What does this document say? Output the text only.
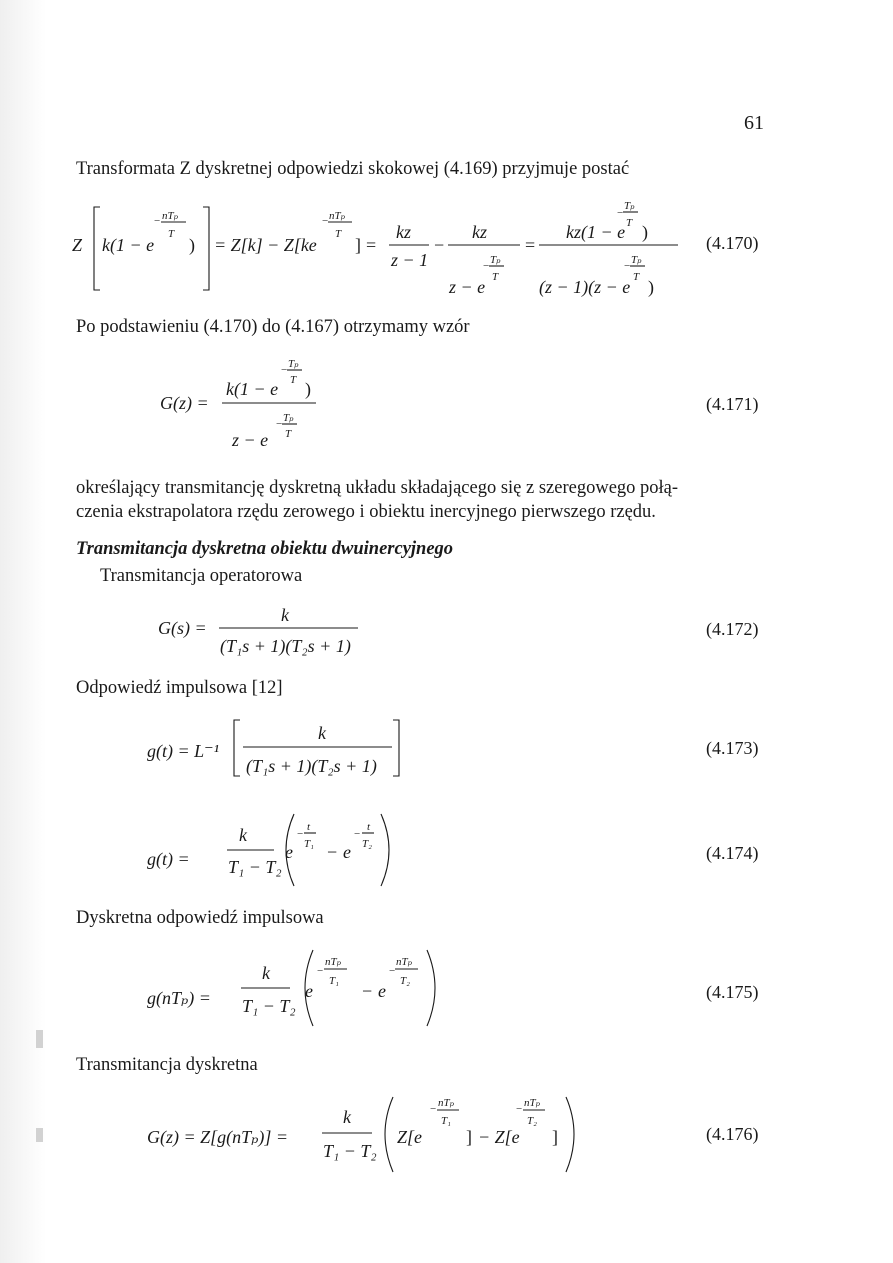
61
Transformata Z dyskretnej odpowiedzi skokowej (4.169) przyjmuje postać
Po podstawieniu (4.170) do (4.167) otrzymamy wzór
określający transmitancję dyskretną układu składającego się z szeregowego połą-
czenia ekstrapolatora rzędu zerowego i obiektu inercyjnego pierwszego rzędu.
Transmitancja dyskretna obiektu dwuinercyjnego
Transmitancja operatorowa
Odpowiedź impulsowa [12]
Dyskretna odpowiedź impulsowa
Transmitancja dyskretna
(4.170)
(4.171)
(4.172)
(4.173)
(4.174)
(4.175)
(4.176)
Z k(1 − e
− nTₚ
T
) = Z[k] − Z[ke
− nTₚ
T
] =
kz
z − 1
−
kz
− Tₚ
T
z − e
=
−
Tₚ
T
kz(1 − e )
− Tₚ
T
(z − 1)(z − e )
G(z) =
− Tₚ
T
k(1 − e )
− Tₚ
T
z − e
G(s) =
k
(T₁s + 1)(T₂s + 1)
g(t) = L⁻¹
k
(T₁s + 1)(T₂s + 1)
g(t) =
k
T₁ − T₂
e
−
t
T₁ − e
−
t
T₂
g(nTₚ) =
k
T₁ − T₂
e
−
nTₚ
T₁ − e
−
nTₚ
T₂
G(z) = Z[g(nTₚ)] =
k
T₁ − T₂
Z[e
− nTₚ
T₁
] − Z[e
− nTₚ
T₂
]
